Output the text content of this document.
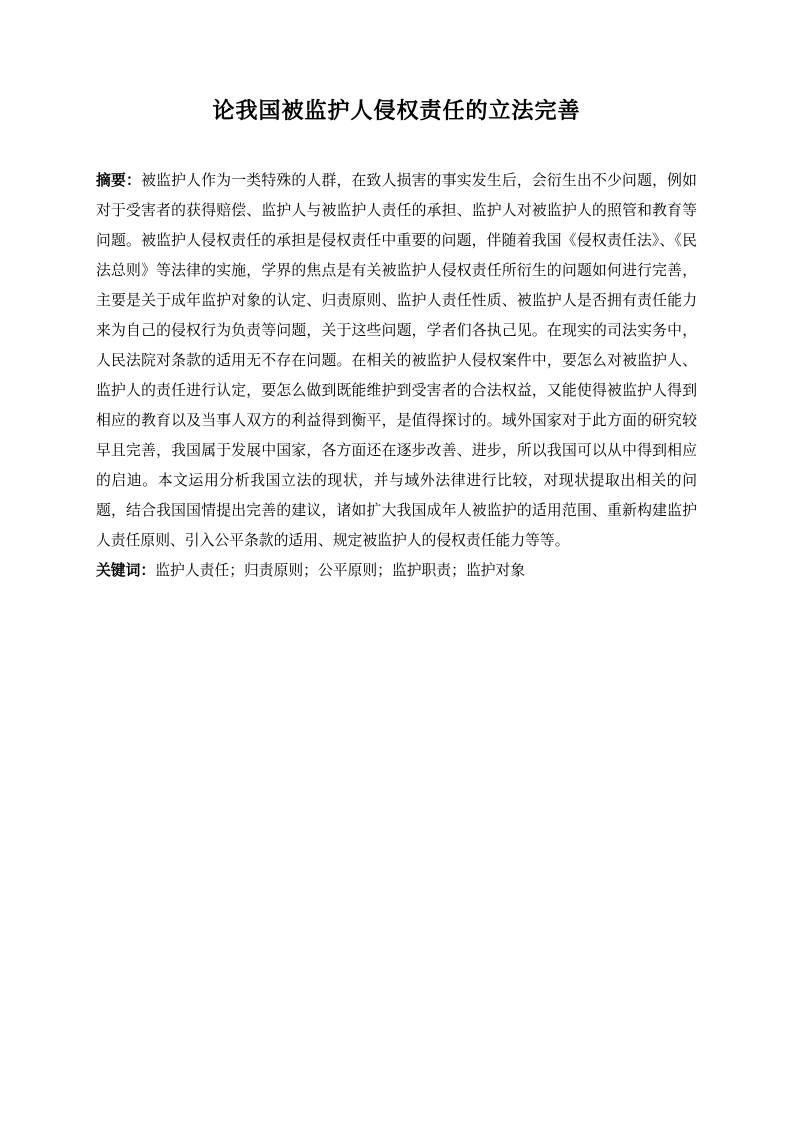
论我国被监护人侵权责任的立法完善

摘要：被监护人作为一类特殊的人群，在致人损害的事实发生后，会衍生出不少问题，例如对于受害者的获得赔偿、监护人与被监护人责任的承担、监护人对被监护人的照管和教育等问题。被监护人侵权责任的承担是侵权责任中重要的问题，伴随着我国《侵权责任法》、《民法总则》等法律的实施，学界的焦点是有关被监护人侵权责任所衍生的问题如何进行完善，主要是关于成年监护对象的认定、归责原则、监护人责任性质、被监护人是否拥有责任能力来为自己的侵权行为负责等问题，关于这些问题，学者们各执己见。在现实的司法实务中，人民法院对条款的适用无不存在问题。在相关的被监护人侵权案件中，要怎么对被监护人、监护人的责任进行认定，要怎么做到既能维护到受害者的合法权益，又能使得被监护人得到相应的教育以及当事人双方的利益得到衡平，是值得探讨的。域外国家对于此方面的研究较早且完善，我国属于发展中国家，各方面还在逐步改善、进步，所以我国可以从中得到相应的启迪。本文运用分析我国立法的现状，并与域外法律进行比较，对现状提取出相关的问题，结合我国国情提出完善的建议，诸如扩大我国成年人被监护的适用范围、重新构建监护人责任原则、引入公平条款的适用、规定被监护人的侵权责任能力等等。

关键词：监护人责任；归责原则；公平原则；监护职责；监护对象
